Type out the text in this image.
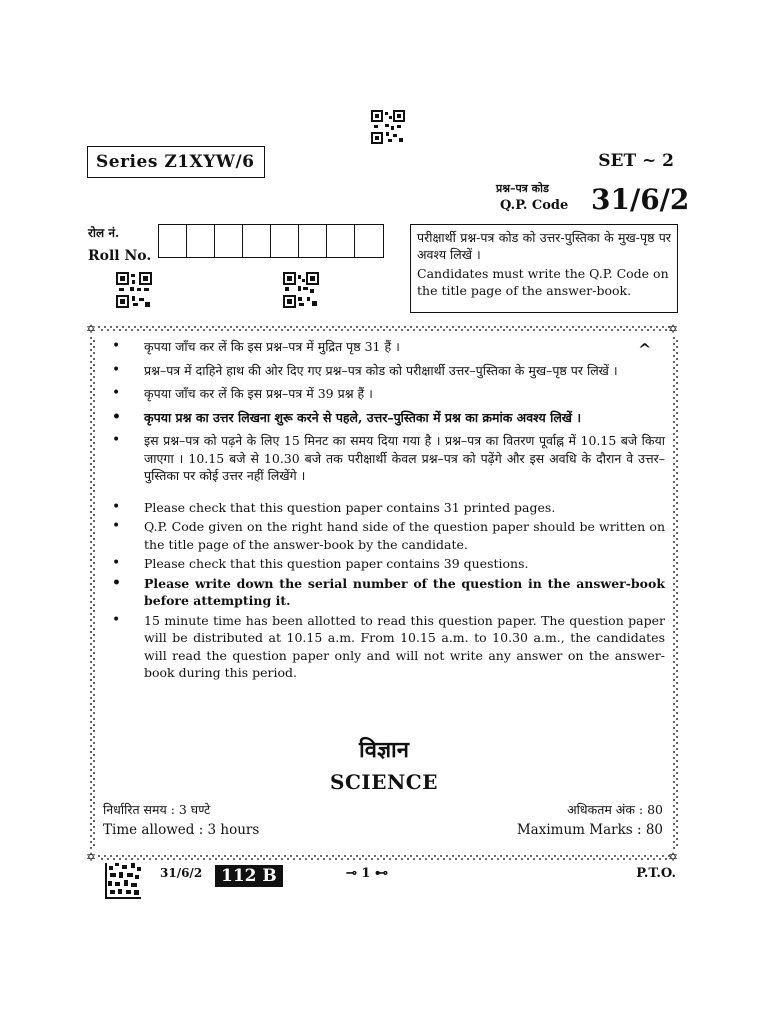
Series Z1XYW/6	SET ~ 2
प्रश्न–पत्र कोड
Q.P. Code 31/6/2
रोल नं.
Roll No.
परीक्षार्थी प्रश्न-पत्र कोड को उत्तर-पुस्तिका के मुख-पृष्ठ पर अवश्य लिखें ।
Candidates must write the Q.P. Code on the title page of the answer-book.
✡	✡
✡	✡
^
• कृपया जाँच कर लें कि इस प्रश्न–पत्र में मुद्रित पृष्ठ 31 हैं ।
• प्रश्न–पत्र में दाहिने हाथ की ओर दिए गए प्रश्न–पत्र कोड को परीक्षार्थी उत्तर–पुस्तिका के मुख–पृष्ठ पर लिखें ।
• कृपया जाँच कर लें कि इस प्रश्न–पत्र में 39 प्रश्न हैं ।
• कृपया प्रश्न का उत्तर लिखना शुरू करने से पहले, उत्तर–पुस्तिका में प्रश्न का क्रमांक अवश्य लिखें ।
• इस प्रश्न–पत्र को पढ़ने के लिए 15 मिनट का समय दिया गया है । प्रश्न–पत्र का वितरण पूर्वाह्न में 10.15 बजे किया जाएगा । 10.15 बजे से 10.30 बजे तक परीक्षार्थी केवल प्रश्न–पत्र को पढ़ेंगे और इस अवधि के दौरान वे उत्तर–पुस्तिका पर कोई उत्तर नहीं लिखेंगे ।
• Please check that this question paper contains 31 printed pages.
• Q.P. Code given on the right hand side of the question paper should be written on the title page of the answer-book by the candidate.
• Please check that this question paper contains 39 questions.
• Please write down the serial number of the question in the answer-book before attempting it.
• 15 minute time has been allotted to read this question paper. The question paper will be distributed at 10.15 a.m. From 10.15 a.m. to 10.30 a.m., the candidates will read the question paper only and will not write any answer on the answer-book during this period.
विज्ञान
SCIENCE
निर्धारित समय : 3 घण्टे
Time allowed : 3 hours
अधिकतम अंक : 80
Maximum Marks : 80
31/6/2	112 B	⊸ 1 ⊷	P.T.O.
